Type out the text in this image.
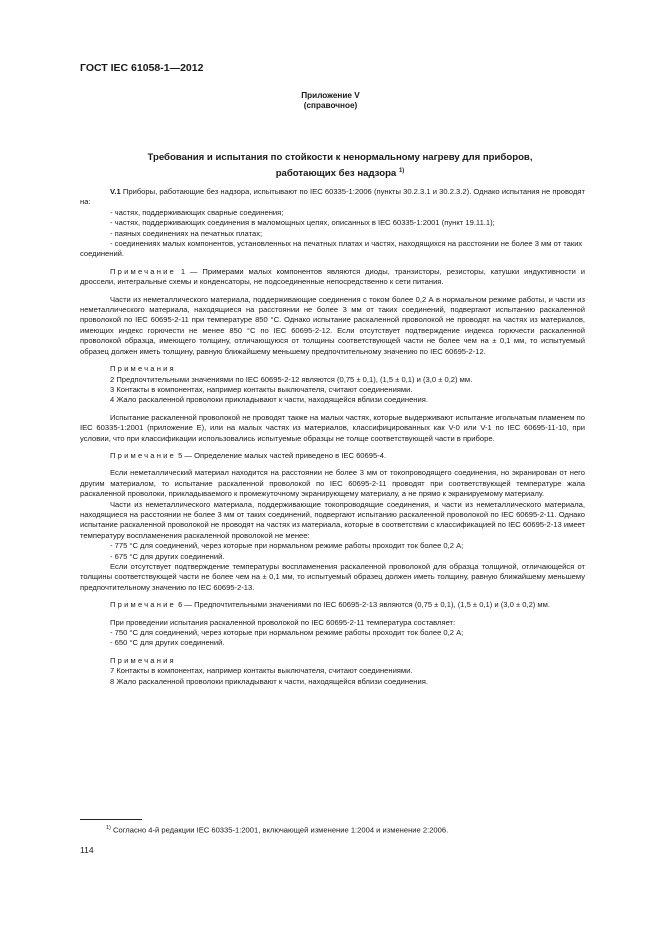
ГОСТ IEC 61058-1—2012
Приложение V
(справочное)
Требования и испытания по стойкости к ненормальному нагреву для приборов,
работающих без надзора $^{1)}$

V.1 Приборы, работающие без надзора, испытывают по IEC 60335-1:2006 (пункты 30.2.3.1 и 30.2.3.2). Однако испытания не проводят на:

- частях, поддерживающих сварные соединения;
- частях, поддерживающих соединения в маломощных цепях, описанных в IEC 60335-1:2001 (пункт 19.11.1);
- паяных соединениях на печатных платах;
- соединениях малых компонентов, установленных на печатных платах и частях, находящихся на расстоянии не более 3 мм от таких соединений.

Примечание 1 — Примерами малых компонентов являются диоды, транзисторы, резисторы, катушки индуктивности и дроссели, интегральные схемы и конденсаторы, не подсоединенные непосредственно к сети питания.

Части из неметаллического материала, поддерживающие соединения с током более 0,2 А в нормальном режиме работы, и части из неметаллического материала, находящиеся на расстоянии не более 3 мм от таких соединений, подвергают испытанию раскаленной проволокой по IEC 60695-2-11 при температуре 850 °С. Однако испытание раскаленной проволокой не проводят на частях из материалов, имеющих индекс горючести не менее 850 °С по IEC 60695-2-12. Если отсутствует подтверждение индекса горючести раскаленной проволокой образца, имеющего толщину, отличающуюся от толщины соответствующей части не более чем на ± 0,1 мм, то испытуемый образец должен иметь толщину, равную ближайшему меньшему предпочтительному значению по IEC 60695-2-12.

Примечания
2 Предпочтительными значениями по IEC 60695-2-12 являются (0,75 ± 0,1), (1,5 ± 0,1) и (3,0 ± 0,2) мм.
3 Контакты в компонентах, например контакты выключателя, считают соединениями.
4 Жало раскаленной проволоки прикладывают к части, находящейся вблизи соединения.

Испытание раскаленной проволокой не проводят также на малых частях, которые выдерживают испытание игольчатым пламенем по IEC 60335-1:2001 (приложение Е), или на малых частях из материалов, классифицированных как V-0 или V-1 по IEC 60695-11-10, при условии, что при классификации использовались испытуемые образцы не толще соответствующей части в приборе.

Примечание 5 — Определение малых частей приведено в IEC 60695-4.

Если неметаллический материал находится на расстоянии не более 3 мм от токопроводящего соединения, но экранирован от него другим материалом, то испытание раскаленной проволокой по IEC 60695-2-11 проводят при соответствующей температуре жала раскаленной проволоки, прикладываемого к промежуточному экранирующему материалу, а не прямо к экранируемому материалу.

Части из неметаллического материала, поддерживающие токопроводящие соединения, и части из неметаллического материала, находящиеся на расстоянии не более 3 мм от таких соединений, подвергают испытанию раскаленной проволокой по IEC 60695-2-11. Однако испытание раскаленной проволокой не проводят на частях из материала, которые в соответствии с классификацией по IEC 60695-2-13 имеет температуру воспламенения раскаленной проволокой не менее:

- 775 °С для соединений, через которые при нормальном режиме работы проходит ток более 0,2 А;
- 675 °С для других соединений.

Если отсутствует подтверждение температуры воспламенения раскаленной проволокой для образца толщиной, отличающейся от толщины соответствующей части не более чем на ± 0,1 мм, то испытуемый образец должен иметь толщину, равную ближайшему меньшему предпочтительному значению по IEC 60695-2-13.

Примечание 6 — Предпочтительными значениями по IEC 60695-2-13 являются (0,75 ± 0,1), (1,5 ± 0,1) и (3,0 ± 0,2) мм.

При проведении испытания раскаленной проволокой по IEC 60695-2-11 температура составляет:

- 750 °С для соединений, через которые при нормальном режиме работы проходит ток более 0,2 А;
- 650 °С для других соединений.
Примечания
7 Контакты в компонентах, например контакты выключателя, считают соединениями.
8 Жало раскаленной проволоки прикладывают к части, находящейся вблизи соединения.
$^{1)}$ Согласно 4-й редакции IEC 60335-1:2001, включающей изменение 1:2004 и изменение 2:2006.
114
